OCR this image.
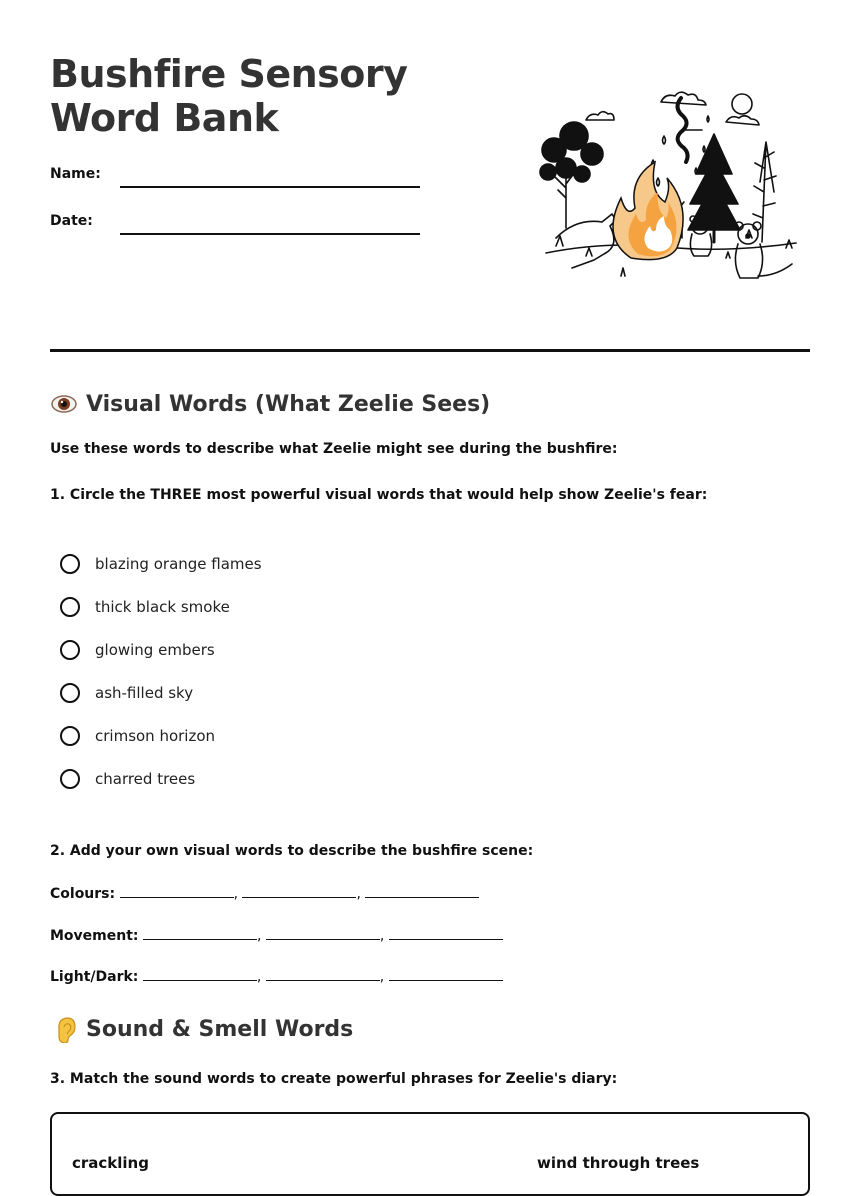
Bushfire Sensory Word Bank
Name:
Date:
Visual Words (What Zeelie Sees)
Use these words to describe what Zeelie might see during the bushfire:
1. Circle the THREE most powerful visual words that would help show Zeelie's fear:
blazing orange flames
thick black smoke
glowing embers
ash-filled sky
crimson horizon
charred trees
2. Add your own visual words to describe the bushfire scene:
Colours:	,	,
Movement:	,	,
Light/Dark:	,	,
Sound & Smell Words
3. Match the sound words to create powerful phrases for Zeelie's diary:
crackling	wind through trees
